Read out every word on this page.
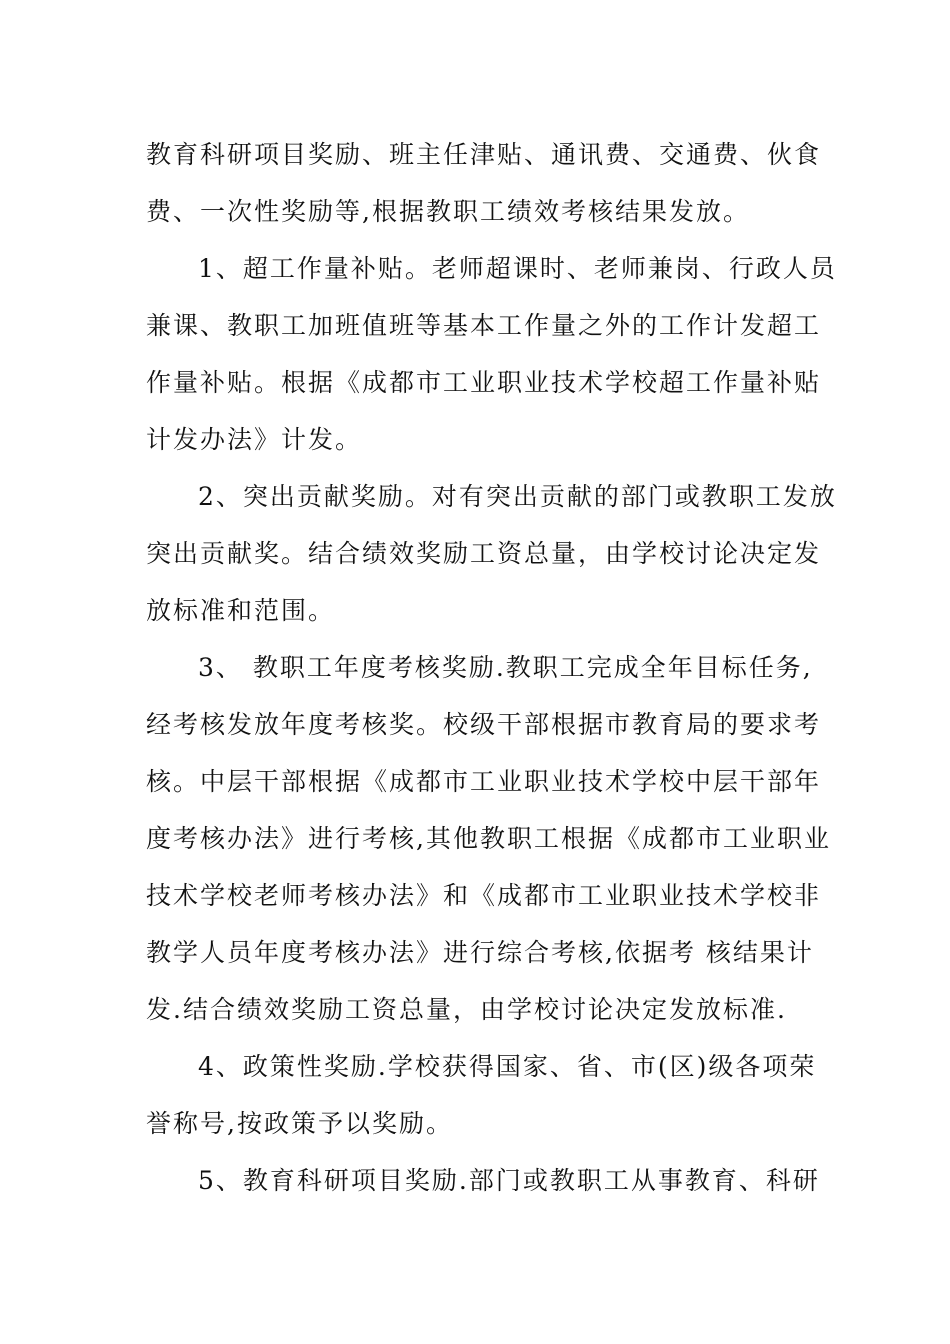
教育科研项目奖励、班主任津贴、通讯费、交通费、伙食
费、一次性奖励等,根据教职工绩效考核结果发放。
1、超工作量补贴。老师超课时、老师兼岗、行政人员
兼课、教职工加班值班等基本工作量之外的工作计发超工
作量补贴。根据《成都市工业职业技术学校超工作量补贴
计发办法》计发。
2、突出贡献奖励。对有突出贡献的部门或教职工发放
突出贡献奖。结合绩效奖励工资总量，由学校讨论决定发
放标准和范围。
3、 教职工年度考核奖励.教职工完成全年目标任务,
经考核发放年度考核奖。校级干部根据市教育局的要求考
核。中层干部根据《成都市工业职业技术学校中层干部年
度考核办法》进行考核,其他教职工根据《成都市工业职业
技术学校老师考核办法》和《成都市工业职业技术学校非
教学人员年度考核办法》进行综合考核,依据考 核结果计
发.结合绩效奖励工资总量，由学校讨论决定发放标准.
4、政策性奖励.学校获得国家、省、市(区)级各项荣
誉称号,按政策予以奖励。
5、教育科研项目奖励.部门或教职工从事教育、科研
